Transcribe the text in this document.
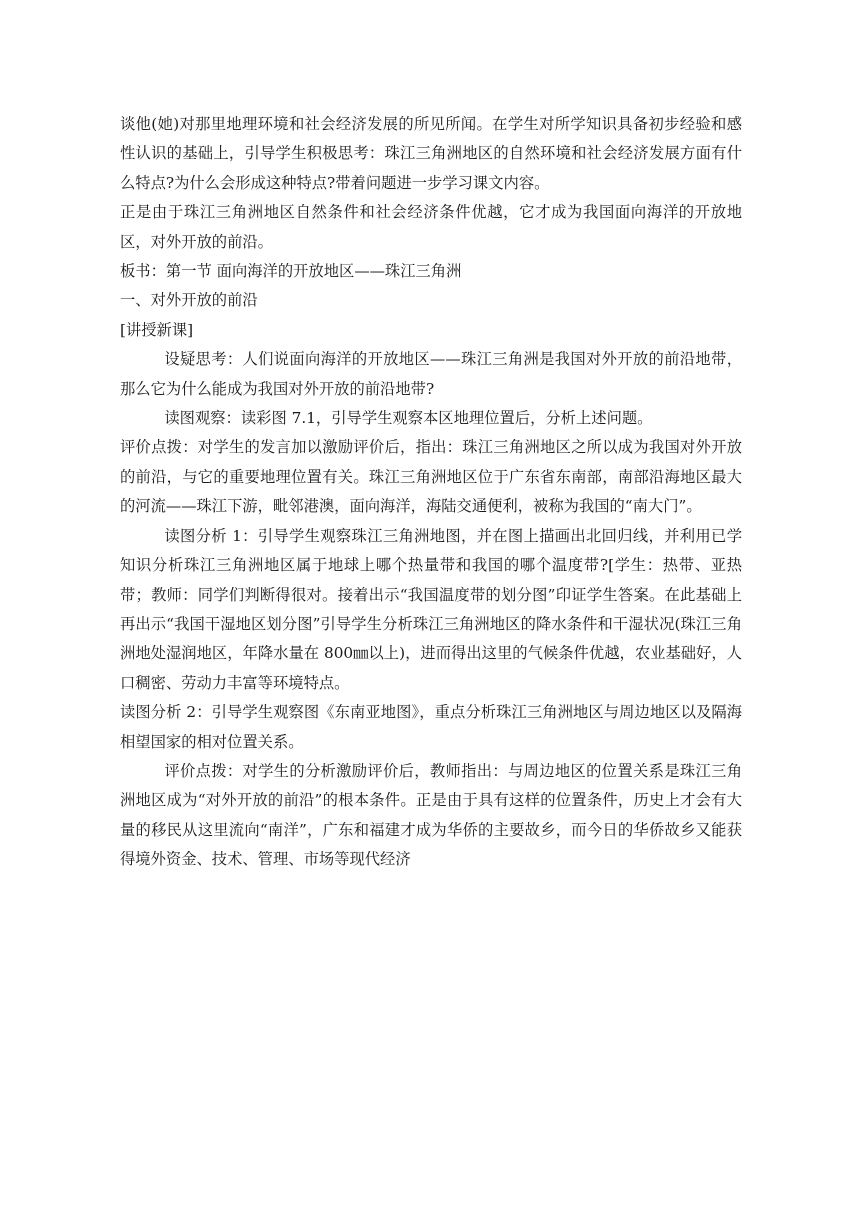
谈他(她)对那里地理环境和社会经济发展的所见所闻。在学生对所学知识具备初步经验和感性认识的基础上，引导学生积极思考：珠江三角洲地区的自然环境和社会经济发展方面有什么特点?为什么会形成这种特点?带着问题进一步学习课文内容。

正是由于珠江三角洲地区自然条件和社会经济条件优越，它才成为我国面向海洋的开放地区，对外开放的前沿。

板书：第一节 面向海洋的开放地区——珠江三角洲

一、对外开放的前沿

[讲授新课]

设疑思考：人们说面向海洋的开放地区——珠江三角洲是我国对外开放的前沿地带，那么它为什么能成为我国对外开放的前沿地带?

读图观察：读彩图 7.1，引导学生观察本区地理位置后，分析上述问题。

评价点拨：对学生的发言加以激励评价后，指出：珠江三角洲地区之所以成为我国对外开放的前沿，与它的重要地理位置有关。珠江三角洲地区位于广东省东南部，南部沿海地区最大的河流——珠江下游，毗邻港澳，面向海洋，海陆交通便利，被称为我国的“南大门”。

读图分析 1：引导学生观察珠江三角洲地图，并在图上描画出北回归线，并利用已学知识分析珠江三角洲地区属于地球上哪个热量带和我国的哪个温度带?[学生：热带、亚热带；教师：同学们判断得很对。接着出示“我国温度带的划分图”印证学生答案。在此基础上再出示“我国干湿地区划分图”引导学生分析珠江三角洲地区的降水条件和干湿状况(珠江三角洲地处湿润地区，年降水量在 800㎜以上)，进而得出这里的气候条件优越，农业基础好，人口稠密、劳动力丰富等环境特点。

读图分析 2：引导学生观察图《东南亚地图》，重点分析珠江三角洲地区与周边地区以及隔海相望国家的相对位置关系。

评价点拨：对学生的分析激励评价后，教师指出：与周边地区的位置关系是珠江三角洲地区成为“对外开放的前沿”的根本条件。正是由于具有这样的位置条件，历史上才会有大量的移民从这里流向“南洋”，广东和福建才成为华侨的主要故乡，而今日的华侨故乡又能获得境外资金、技术、管理、市场等现代经济
